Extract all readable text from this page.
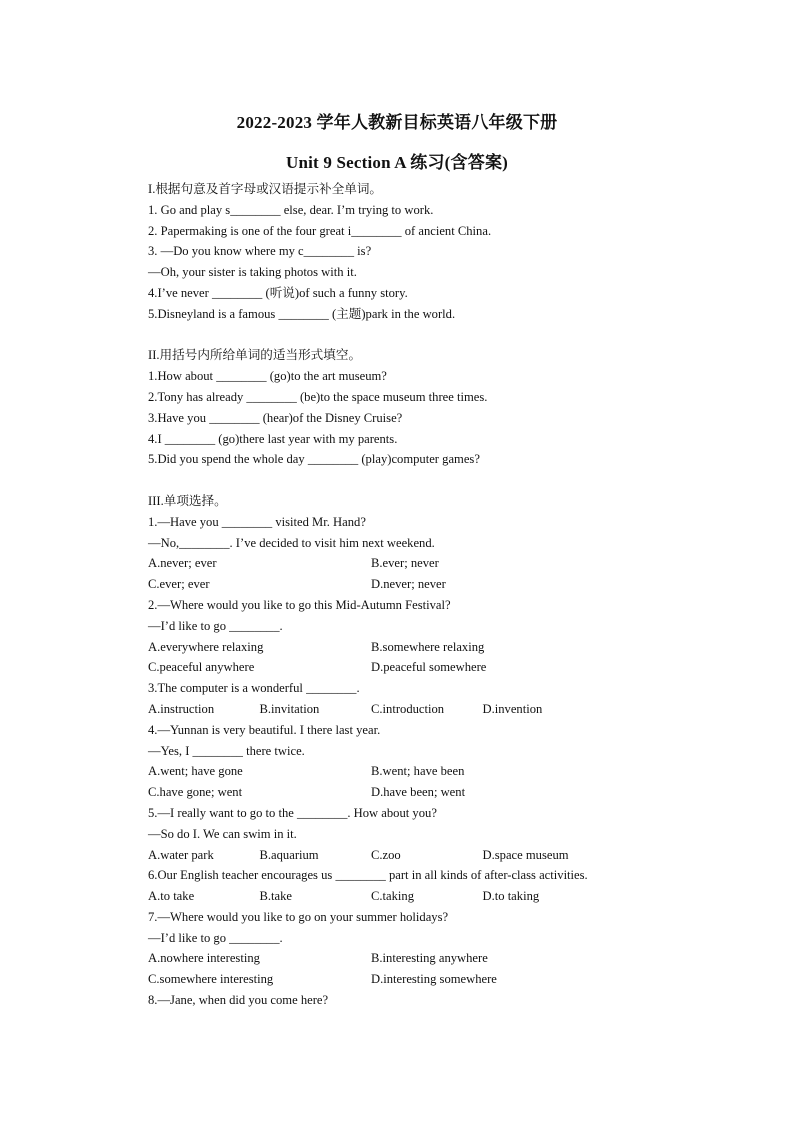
2022-2023 学年人教新目标英语八年级下册
Unit 9 Section A 练习(含答案)
I.根据句意及首字母或汉语提示补全单词。
1. Go and play s________ else, dear. I’m trying to work.
2. Papermaking is one of the four great i________ of ancient China.
3. —Do you know where my c________ is?
—Oh, your sister is taking photos with it.
4.I’ve never ________ (听说)of such a funny story.
5.Disneyland is a famous ________ (主题)park in the world.
II.用括号内所给单词的适当形式填空。
1.How about ________ (go)to the art museum?
2.Tony has already ________ (be)to the space museum three times.
3.Have you ________ (hear)of the Disney Cruise?
4.I ________ (go)there last year with my parents.
5.Did you spend the whole day ________ (play)computer games?
III.单项选择。
1.—Have you ________ visited Mr. Hand?
—No,________. I’ve decided to visit him next weekend.
A.never; ever	B.ever; never
C.ever; ever	D.never; never
2.—Where would you like to go this Mid-Autumn Festival?
—I’d like to go ________.
A.everywhere relaxing	B.somewhere relaxing
C.peaceful anywhere	D.peaceful somewhere
3.The computer is a wonderful ________.
A.instruction	B.invitation	C.introduction	D.invention
4.—Yunnan is very beautiful. I there last year.
—Yes, I ________ there twice.
A.went; have gone	B.went; have been
C.have gone; went	D.have been; went
5.—I really want to go to the ________. How about you?
—So do I. We can swim in it.
A.water park	B.aquarium	C.zoo	D.space museum
6.Our English teacher encourages us ________ part in all kinds of after-class activities.
A.to take	B.take	C.taking	D.to taking
7.—Where would you like to go on your summer holidays?
—I’d like to go ________.
A.nowhere interesting	B.interesting anywhere
C.somewhere interesting	D.interesting somewhere
8.—Jane, when did you come here?
